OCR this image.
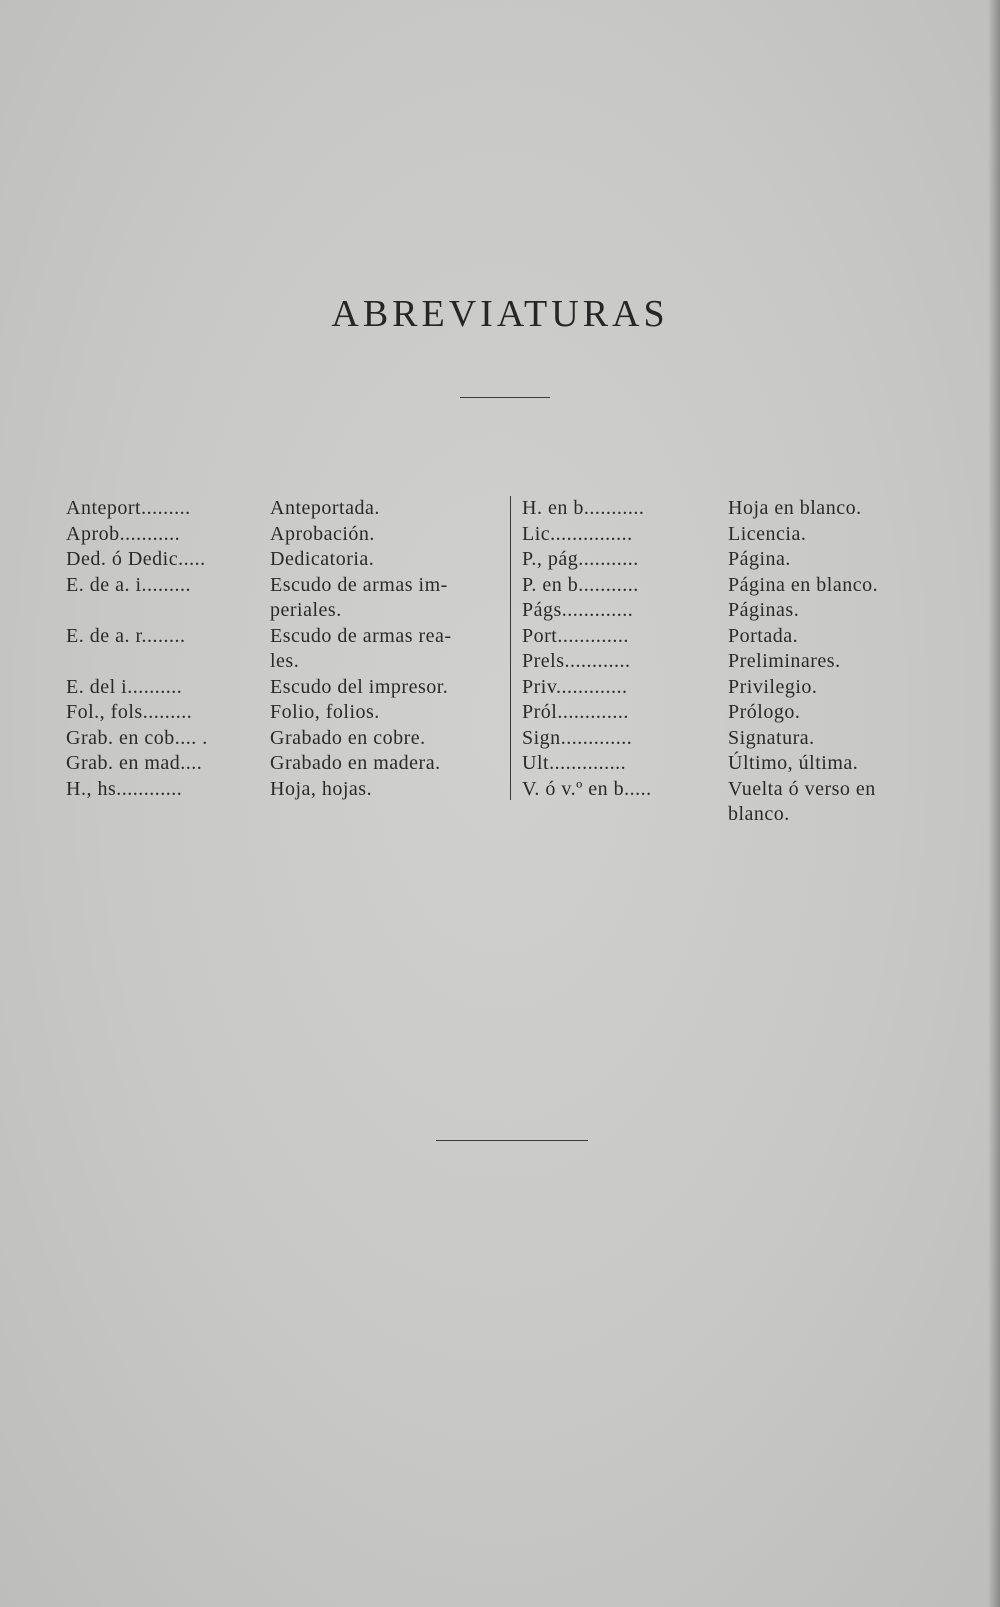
ABREVIATURAS
Anteport.........	Anteportada.
Aprob...........	Aprobación.
Ded. ó Dedic.....	Dedicatoria.
E. de a. i.........	Escudo de armas im-
periales.
E. de a. r........	Escudo de armas rea-
les.
E. del i..........	Escudo del impresor.
Fol., fols.........	Folio, folios.
Grab. en cob.... .	Grabado en cobre.
Grab. en mad....	Grabado en madera.
H., hs............	Hoja, hojas.
H. en b...........	Hoja en blanco.
Lic...............	Licencia.
P., pág...........	Página.
P. en b...........	Página en blanco.
Págs.............	Páginas.
Port.............	Portada.
Prels............	Preliminares.
Priv.............	Privilegio.
Pról.............	Prólogo.
Sign.............	Signatura.
Ult..............	Último, última.
V. ó v.º en b.....	Vuelta ó verso en
blanco.
